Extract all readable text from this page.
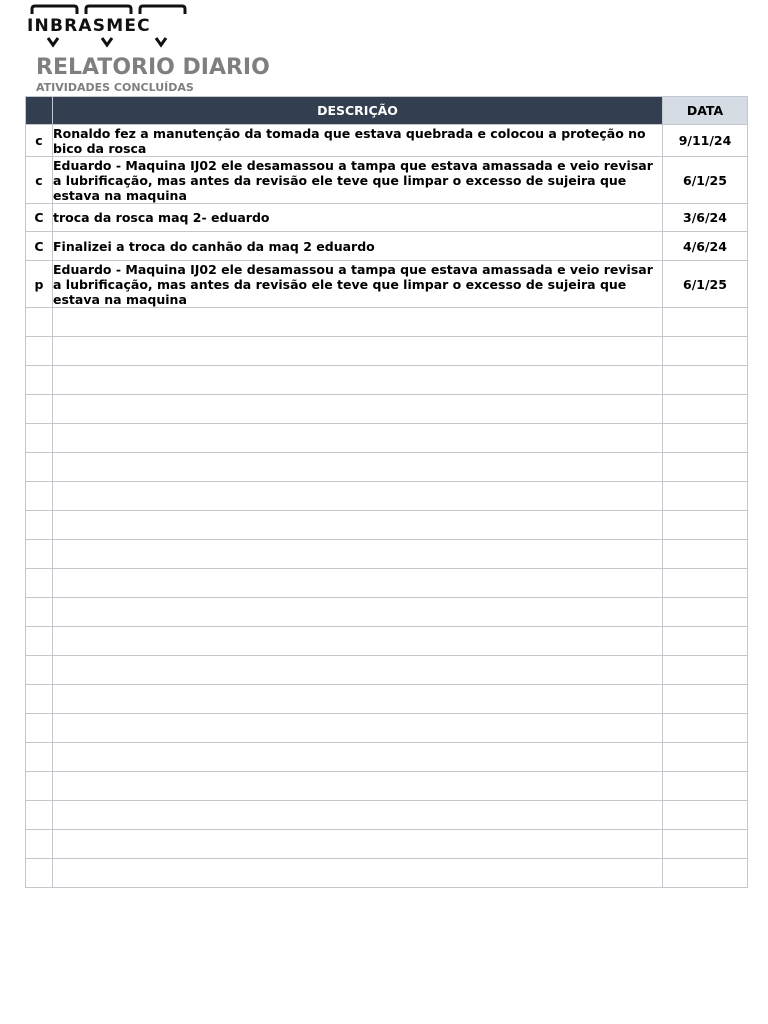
INBRASMEC
RELATORIO DIARIO
ATIVIDADES CONCLUÍDAS
	DESCRIÇÃO	DATA
c	Ronaldo fez a manutenção da tomada que estava quebrada e colocou a proteção no bico da rosca	9/11/24
c	Eduardo - Maquina IJ02 ele desamassou a tampa que estava amassada e veio revisar a lubrificação, mas antes da revisão ele teve que limpar o excesso de sujeira que estava na maquina	6/1/25
C	troca da rosca maq 2- eduardo	3/6/24
C	Finalizei a troca do canhão da maq 2 eduardo	4/6/24
p	Eduardo - Maquina IJ02 ele desamassou a tampa que estava amassada e veio revisar a lubrificação, mas antes da revisão ele teve que limpar o excesso de sujeira que estava na maquina	6/1/25
